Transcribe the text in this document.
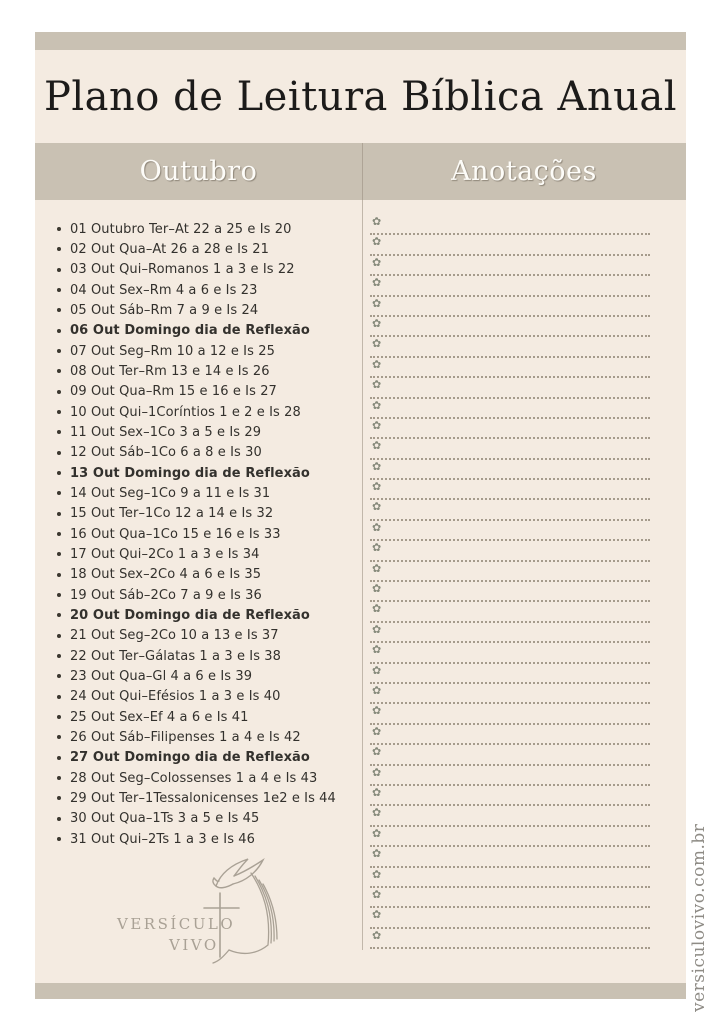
Plano de Leitura Bíblica Anual
Outubro	Anotações
01 Outubro Ter–At 22 a 25 e Is 20
02 Out Qua–At 26 a 28 e Is 21
03 Out Qui–Romanos 1 a 3 e Is 22
04 Out Sex–Rm 4 a 6 e Is 23
05 Out Sáb–Rm 7 a 9 e Is 24
06 Out Domingo dia de Reflexão
07 Out Seg–Rm 10 a 12 e Is 25
08 Out Ter–Rm 13 e 14 e Is 26
09 Out Qua–Rm 15 e 16 e Is 27
10 Out Qui–1Coríntios 1 e 2 e Is 28
11 Out Sex–1Co 3 a 5 e Is 29
12 Out Sáb–1Co 6 a 8 e Is 30
13 Out Domingo dia de Reflexão
14 Out Seg–1Co 9 a 11 e Is 31
15 Out Ter–1Co 12 a 14 e Is 32
16 Out Qua–1Co 15 e 16 e Is 33
17 Out Qui–2Co 1 a 3 e Is 34
18 Out Sex–2Co 4 a 6 e Is 35
19 Out Sáb–2Co 7 a 9 e Is 36
20 Out Domingo dia de Reflexão
21 Out Seg–2Co 10 a 13 e Is 37
22 Out Ter–Gálatas 1 a 3 e Is 38
23 Out Qua–Gl 4 a 6 e Is 39
24 Out Qui–Efésios 1 a 3 e Is 40
25 Out Sex–Ef 4 a 6 e Is 41
26 Out Sáb–Filipenses 1 a 4 e Is 42
27 Out Domingo dia de Reflexão
28 Out Seg–Colossenses 1 a 4 e Is 43
29 Out Ter–1Tessalonicenses 1e2 e Is 44
30 Out Qua–1Ts 3 a 5 e Is 45
31 Out Qui–2Ts 1 a 3 e Is 46
✿
✿
✿
✿
✿
✿
✿
✿
✿
✿
✿
✿
✿
✿
✿
✿
✿
✿
✿
✿
✿
✿
✿
✿
✿
✿
✿
✿
✿
✿
✿
✿
✿
✿
✿
✿
VERSÍCULO
VIVO	versiculovivo.com.br
